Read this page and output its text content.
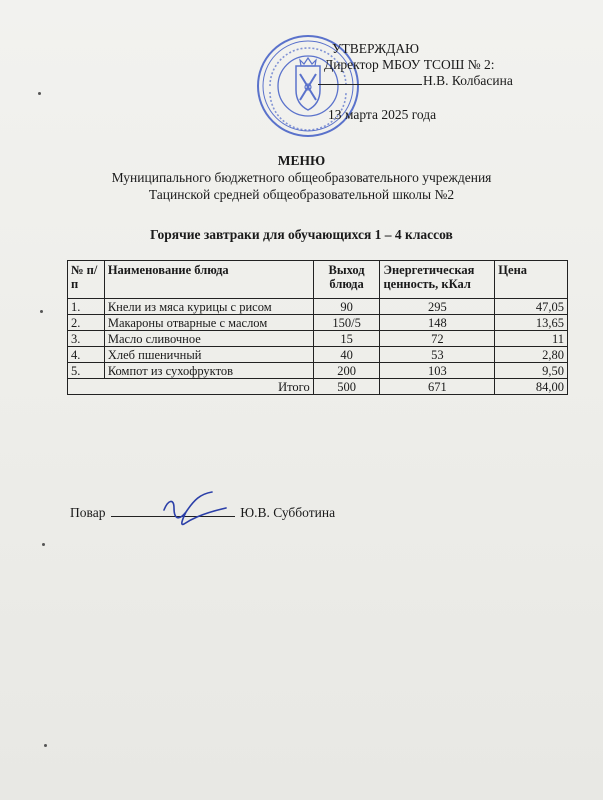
УТВЕРЖДАЮ
Директор МБОУ ТСОШ № 2:
Н.В. Колбасина
13 марта 2025 года
МЕНЮ
Муниципального бюджетного общеобразовательного учреждения
Тацинской средней общеобразовательной школы №2
Горячие завтраки для обучающихся 1 – 4 классов
№ п/п	Наименование блюда	Выход блюда	Энергетическая ценность, кКал	Цена
1.	Кнели из мяса курицы с рисом	90	295	47,05
2.	Макароны отварные с маслом	150/5	148	13,65
3.	Масло сливочное	15	72	11
4.	Хлеб пшеничный	40	53	2,80
5.	Компот из сухофруктов	200	103	9,50
Итого		500	671	84,00
Повар	Ю.В. Субботина
